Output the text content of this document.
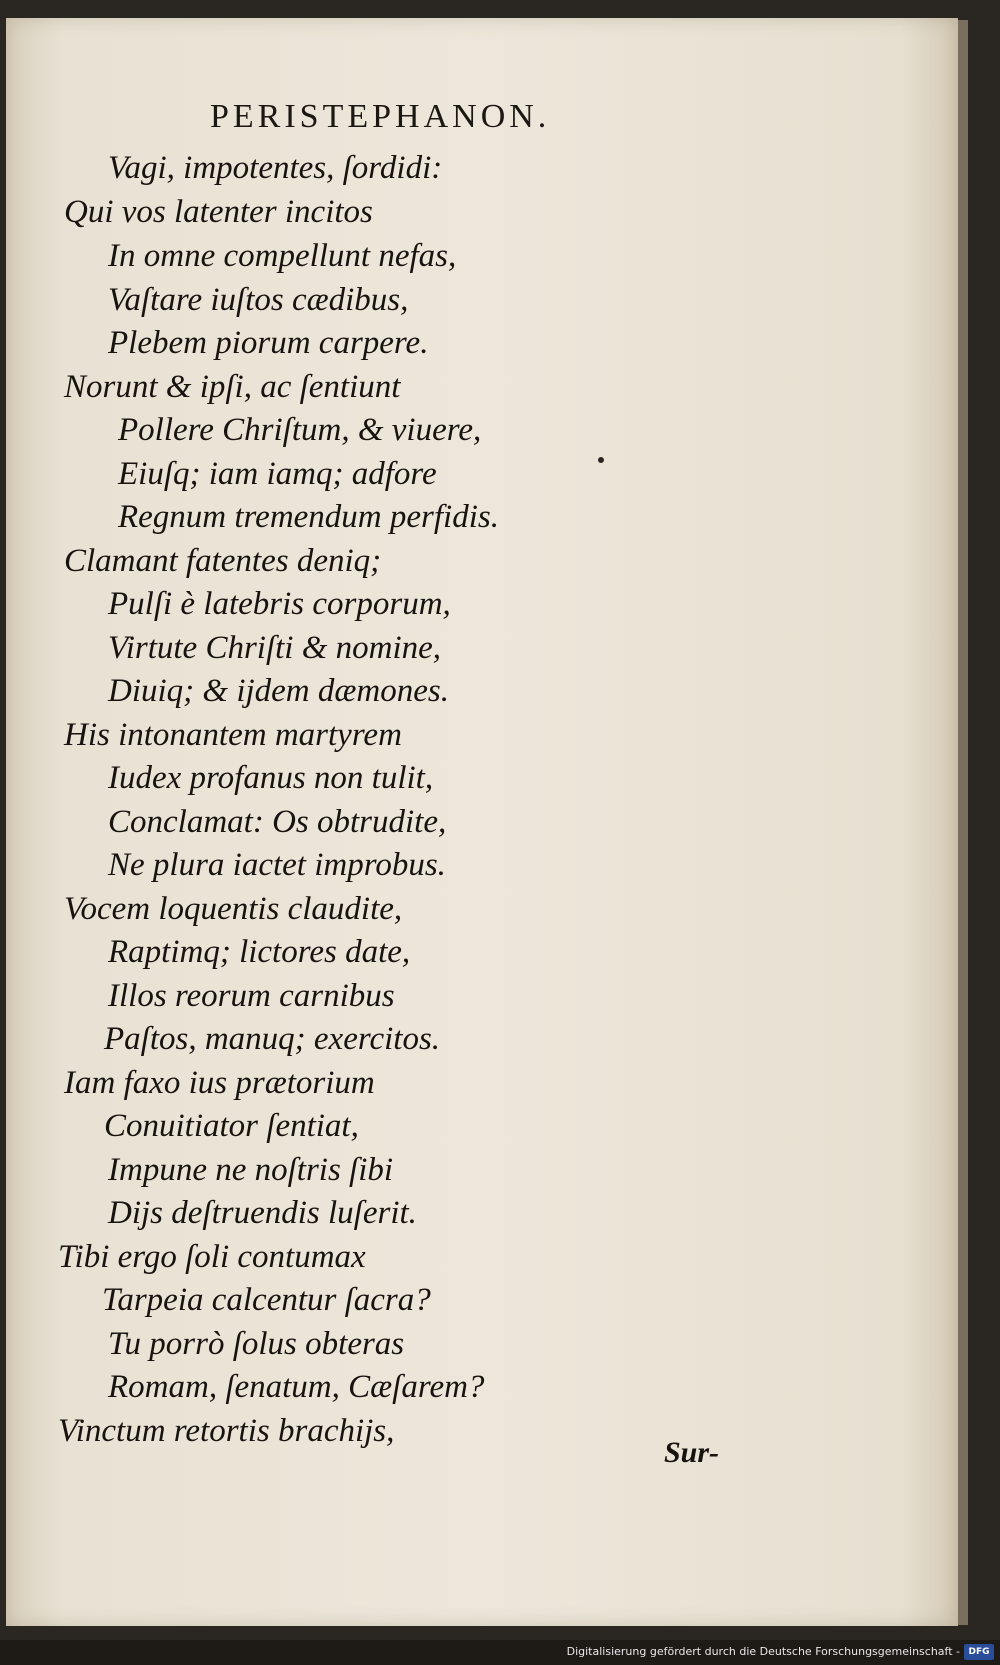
PERISTEPHANON.
Vagi, impotentes, ſordidi:
Qui vos latenter incitos
In omne compellunt nefas,
Vaſtare iuſtos cædibus,
Plebem piorum carpere.
Norunt & ipſi, ac ſentiunt
Pollere Chriſtum, & viuere,
Eiuſq; iam iamq; adfore
Regnum tremendum perfidis.
Clamant fatentes deniq;
Pulſi è latebris corporum,
Virtute Chriſti & nomine,
Diuiq; & ijdem dæmones.
His intonantem martyrem
Iudex profanus non tulit,
Conclamat: Os obtrudite,
Ne plura iactet improbus.
Vocem loquentis claudite,
Raptimq; lictores date,
Illos reorum carnibus
Paſtos, manuq; exercitos.
Iam faxo ius prætorium
Conuitiator ſentiat,
Impune ne noſtris ſibi
Dijs deſtruendis luſerit.
Tibi ergo ſoli contumax
Tarpeia calcentur ſacra?
Tu porrò ſolus obteras
Romam, ſenatum, Cæſarem?
Vinctum retortis brachijs,
Sur-
Digitalisierung gefördert durch die Deutsche Forschungsgemeinschaft - DFG
